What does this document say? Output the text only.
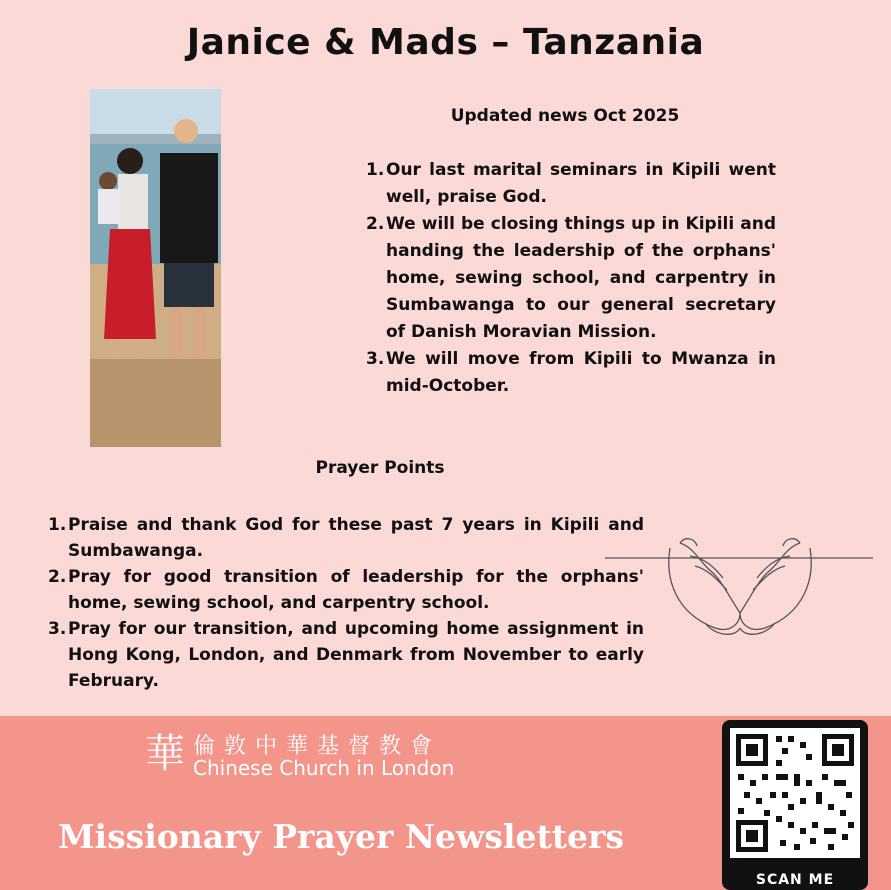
Janice & Mads – Tanzania
Updated news Oct 2025
1. Our last marital seminars in Kipili went well, praise God.
2. We will be closing things up in Kipili and handing the leadership of the orphans' home, sewing school, and carpentry in Sumbawanga to our general secretary of Danish Moravian Mission.
3. We will move from Kipili to Mwanza in mid-October.
Prayer Points
1. Praise and thank God for these past 7 years in Kipili and Sumbawanga.
2. Pray for good transition of leadership for the orphans' home, sewing school, and carpentry school.
3. Pray for our transition, and upcoming home assignment in Hong Kong, London, and Denmark from November to early February.
華 倫敦中華基督教會
Chinese Church in London
Missionary Prayer Newsletters
SCAN ME
